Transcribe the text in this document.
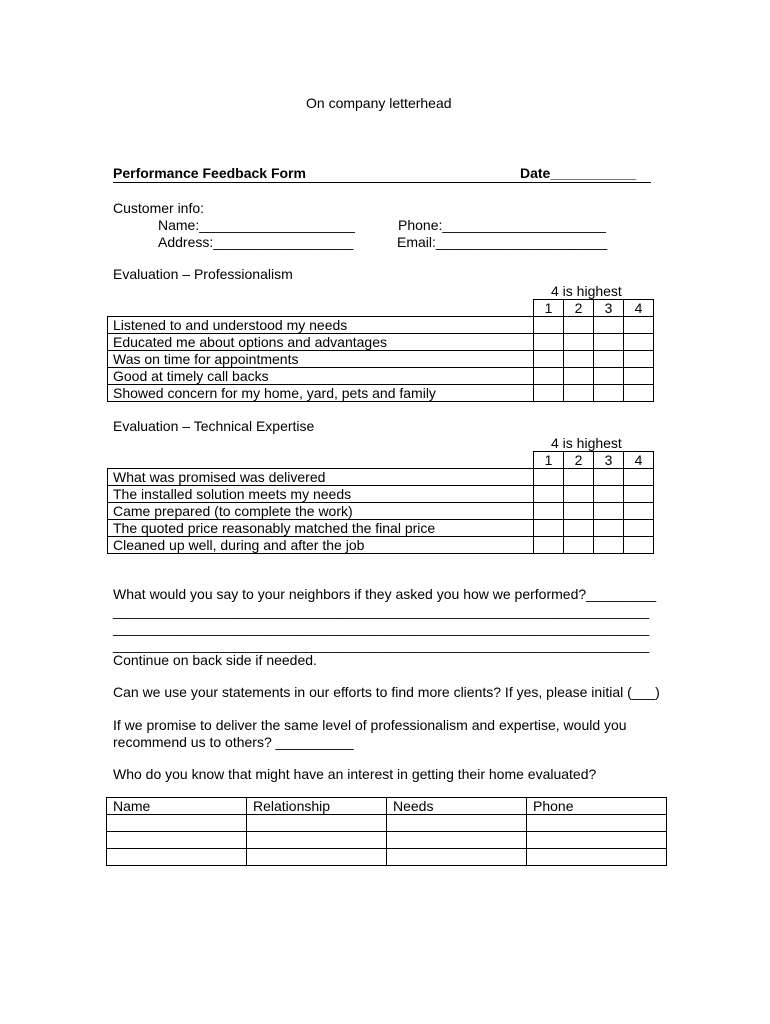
On company letterhead

Performance Feedback Form

	Date___________

Customer info:
Name:____________________
Address:__________________
Phone:_____________________
Email:______________________
Evaluation – Professionalism
4 is highest
	1	2	3	4
Listened to and understood my needs				
Educated me about options and advantages				
Was on time for appointments				
Good at timely call backs				
Showed concern for my home, yard, pets and family				
Evaluation – Technical Expertise
4 is highest
	1	2	3	4
What was promised was delivered				
The installed solution meets my needs				
Came prepared (to complete the work)				
The quoted price reasonably matched the final price				
Cleaned up well, during and after the job				
What would you say to your neighbors if they asked you how we performed?_________
________________________________________________________________________
________________________________________________________________________
________________________________________________________________________
Continue on back side if needed.
Can we use your statements in our efforts to find more clients? If yes, please initial (___)
If we promise to deliver the same level of professionalism and expertise, would you
recommend us to others? __________
Who do you know that might have an interest in getting their home evaluated?
Name	Relationship	Needs	Phone
